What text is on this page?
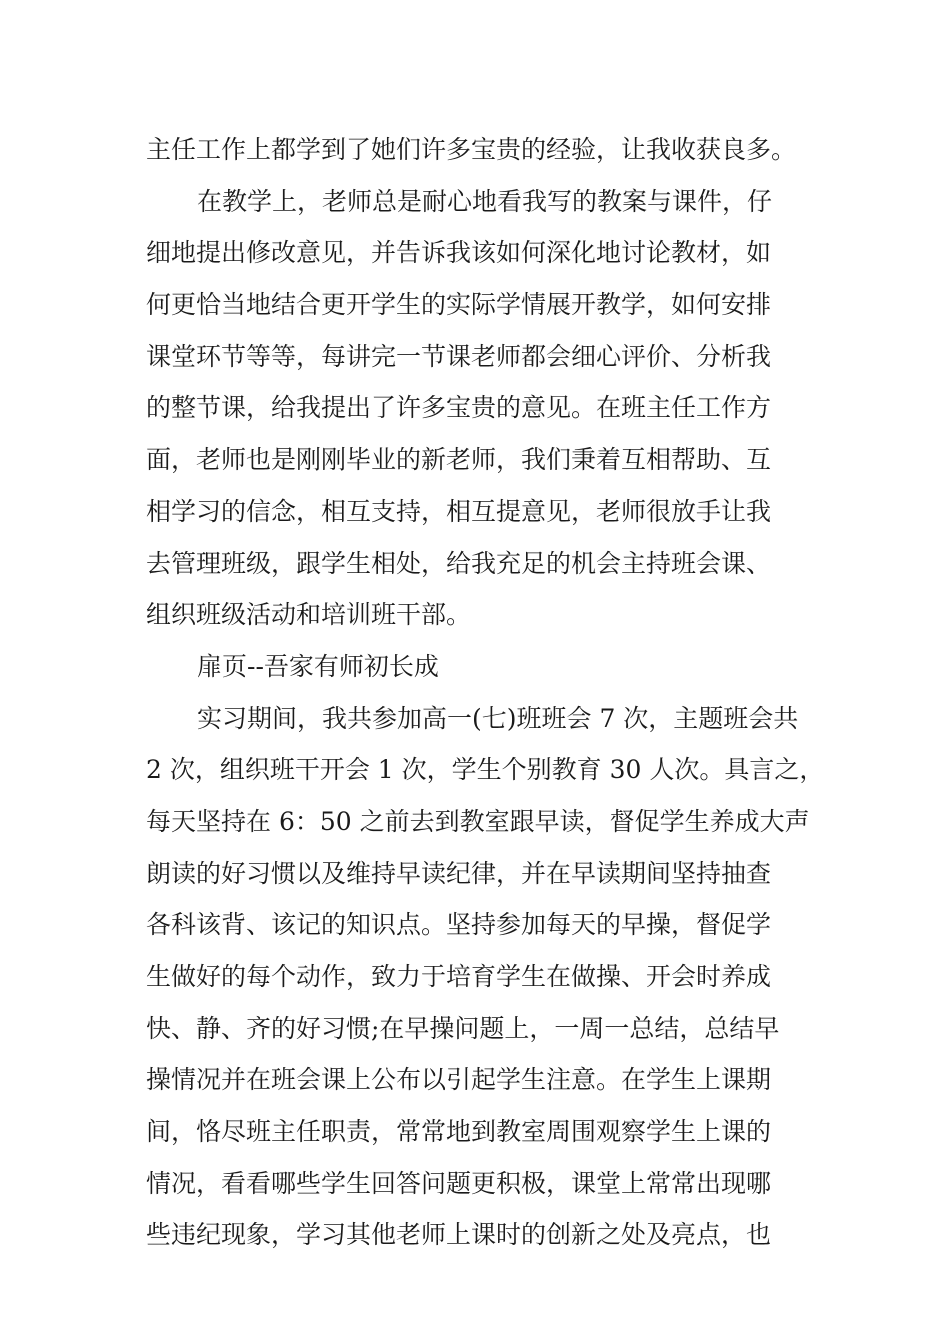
主任工作上都学到了她们许多宝贵的经验，让我收获良多。
在教学上，老师总是耐心地看我写的教案与课件，仔
细地提出修改意见，并告诉我该如何深化地讨论教材，如
何更恰当地结合更开学生的实际学情展开教学，如何安排
课堂环节等等，每讲完一节课老师都会细心评价、分析我
的整节课，给我提出了许多宝贵的意见。在班主任工作方
面，老师也是刚刚毕业的新老师，我们秉着互相帮助、互
相学习的信念，相互支持，相互提意见，老师很放手让我
去管理班级，跟学生相处，给我充足的机会主持班会课、
组织班级活动和培训班干部。
扉页--吾家有师初长成
实习期间，我共参加高一(七)班班会 7 次，主题班会共
2 次，组织班干开会 1 次，学生个别教育 30 人次。具言之，
每天坚持在 6：50 之前去到教室跟早读，督促学生养成大声
朗读的好习惯以及维持早读纪律，并在早读期间坚持抽查
各科该背、该记的知识点。坚持参加每天的早操，督促学
生做好的每个动作，致力于培育学生在做操、开会时养成
快、静、齐的好习惯;在早操问题上，一周一总结，总结早
操情况并在班会课上公布以引起学生注意。在学生上课期
间，恪尽班主任职责，常常地到教室周围观察学生上课的
情况，看看哪些学生回答问题更积极，课堂上常常出现哪
些违纪现象，学习其他老师上课时的创新之处及亮点，也
